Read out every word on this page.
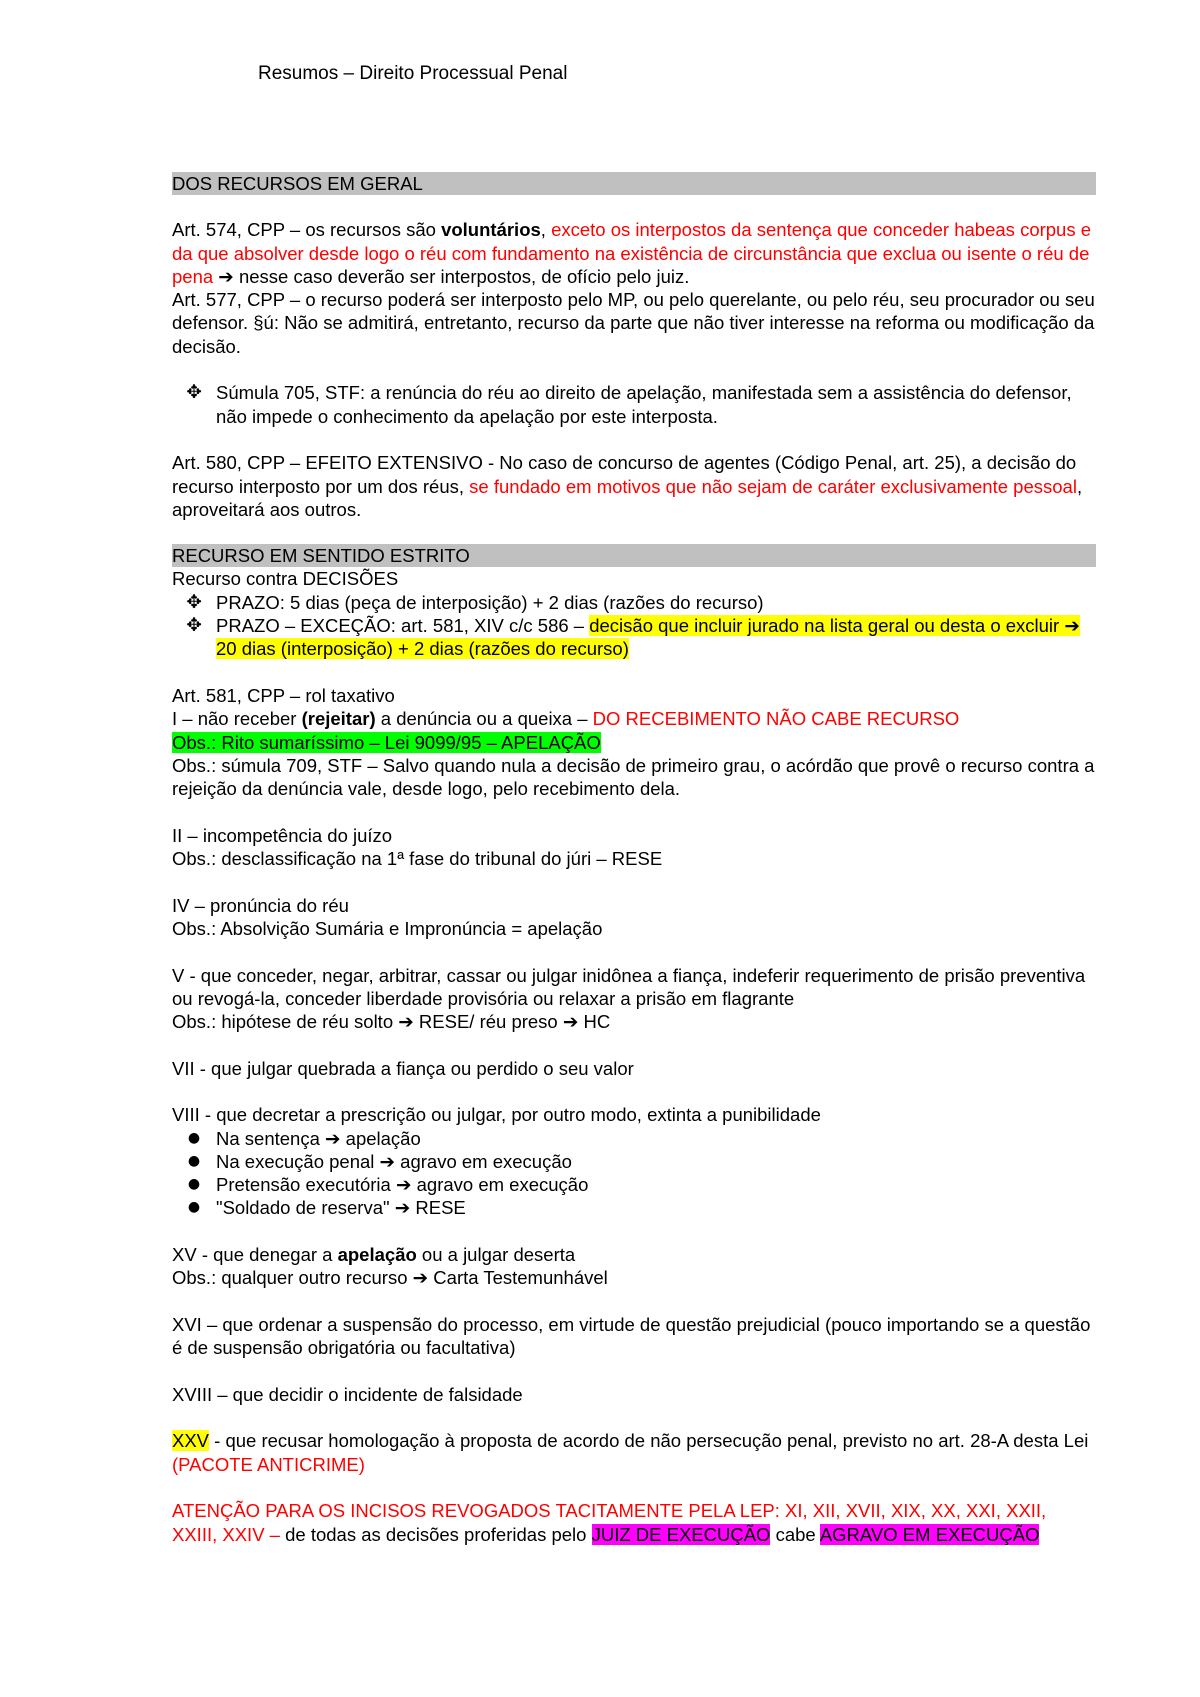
Resumos – Direito Processual Penal

DOS RECURSOS EM GERAL

Art. 574, CPP – os recursos são voluntários, exceto os interpostos da sentença que conceder habeas corpus e da que absolver desde logo o réu com fundamento na existência de circunstância que exclua ou isente o réu de pena ➔ nesse caso deverão ser interpostos, de ofício pelo juiz.

Art. 577, CPP – o recurso poderá ser interposto pelo MP, ou pelo querelante, ou pelo réu, seu procurador ou seu defensor. §ú: Não se admitirá, entretanto, recurso da parte que não tiver interesse na reforma ou modificação da decisão.

✥ Súmula 705, STF: a renúncia do réu ao direito de apelação, manifestada sem a assistência do defensor, não impede o conhecimento da apelação por este interposta.

Art. 580, CPP – EFEITO EXTENSIVO - No caso de concurso de agentes (Código Penal, art. 25), a decisão do recurso interposto por um dos réus, se fundado em motivos que não sejam de caráter exclusivamente pessoal, aproveitará aos outros.

RECURSO EM SENTIDO ESTRITO

Recurso contra DECISÕES

✥ PRAZO: 5 dias (peça de interposição) + 2 dias (razões do recurso)
✥ PRAZO – EXCEÇÃO: art. 581, XIV c/c 586 – decisão que incluir jurado na lista geral ou desta o excluir ➔ 20 dias (interposição) + 2 dias (razões do recurso)

Art. 581, CPP – rol taxativo

I – não receber (rejeitar) a denúncia ou a queixa – DO RECEBIMENTO NÃO CABE RECURSO

Obs.: Rito sumaríssimo – Lei 9099/95 – APELAÇÃO

Obs.: súmula 709, STF – Salvo quando nula a decisão de primeiro grau, o acórdão que provê o recurso contra a rejeição da denúncia vale, desde logo, pelo recebimento dela.

II – incompetência do juízo

Obs.: desclassificação na 1ª fase do tribunal do júri – RESE

IV – pronúncia do réu

Obs.: Absolvição Sumária e Impronúncia = apelação

V - que conceder, negar, arbitrar, cassar ou julgar inidônea a fiança, indeferir requerimento de prisão preventiva ou revogá-la, conceder liberdade provisória ou relaxar a prisão em flagrante

Obs.: hipótese de réu solto ➔ RESE/ réu preso ➔ HC

VII - que julgar quebrada a fiança ou perdido o seu valor

VIII - que decretar a prescrição ou julgar, por outro modo, extinta a punibilidade

● Na sentença ➔ apelação
● Na execução penal ➔ agravo em execução
● Pretensão executória ➔ agravo em execução
● "Soldado de reserva" ➔ RESE

XV - que denegar a apelação ou a julgar deserta

Obs.: qualquer outro recurso ➔ Carta Testemunhável

XVI – que ordenar a suspensão do processo, em virtude de questão prejudicial (pouco importando se a questão é de suspensão obrigatória ou facultativa)

XVIII – que decidir o incidente de falsidade

XXV - que recusar homologação à proposta de acordo de não persecução penal, previsto no art. 28-A desta Lei (PACOTE ANTICRIME)

ATENÇÃO PARA OS INCISOS REVOGADOS TACITAMENTE PELA LEP: XI, XII, XVII, XIX, XX, XXI, XXII, XXIII, XXIV – de todas as decisões proferidas pelo JUIZ DE EXECUÇÃO cabe AGRAVO EM EXECUÇÃO
